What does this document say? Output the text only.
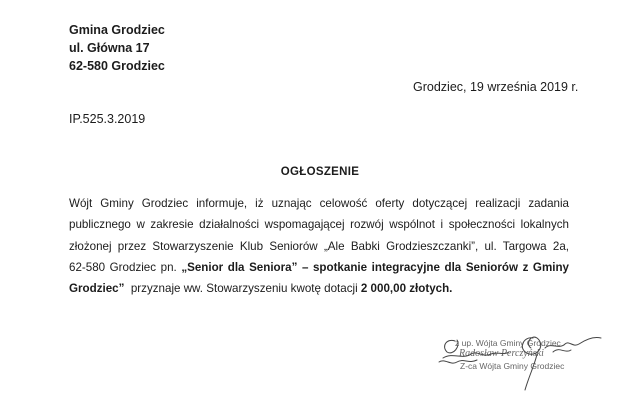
Gmina Grodziec
ul. Główna 17
62-580 Grodziec
Grodziec, 19 września 2019 r.
IP.525.3.2019
OGŁOSZENIE
Wójt Gminy Grodziec informuje, iż uznając celowość oferty dotyczącej realizacji zadania
publicznego w zakresie działalności wspomagającej rozwój wspólnot i społeczności lokalnych
złożonej przez Stowarzyszenie Klub Seniorów „Ale Babki Grodzieszczanki”, ul. Targowa 2a,
62-580 Grodziec pn. „Senior dla Seniora” – spotkanie integracyjne dla Seniorów z Gminy
Grodziec”  przyznaje ww. Stowarzyszeniu kwotę dotacji 2 000,00 złotych.
z up. Wójta Gminy Grodziec
Radosław Perczyński
Z-ca Wójta Gminy Grodziec
